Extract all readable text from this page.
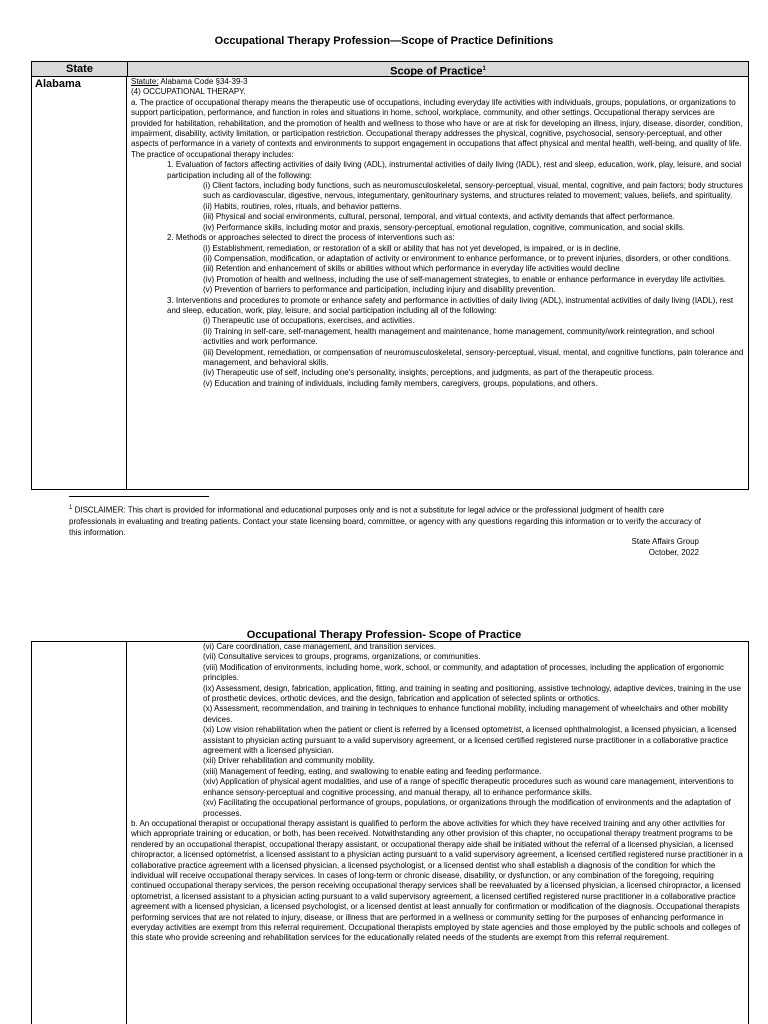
Occupational Therapy Profession—Scope of Practice Definitions
State	Scope of Practice$^1$
Alabama	Statute: Alabama Code §34-39-3

(4) OCCUPATIONAL THERAPY.

a. The practice of occupational therapy means the therapeutic use of occupations, including everyday life activities with individuals, groups, populations, or organizations to support participation, performance, and function in roles and situations in home, school, workplace, community, and other settings. Occupational therapy services are provided for habilitation, rehabilitation, and the promotion of health and wellness to those who have or are at risk for developing an illness, injury, disease, disorder, condition, impairment, disability, activity limitation, or participation restriction. Occupational therapy addresses the physical, cognitive, psychosocial, sensory-perceptual, and other aspects of performance in a variety of contexts and environments to support engagement in occupations that affect physical and mental health, well-being, and quality of life. The practice of occupational therapy includes:

1. Evaluation of factors affecting activities of daily living (ADL), instrumental activities of daily living (IADL), rest and sleep, education, work, play, leisure, and social participation including all of the following:

(i) Client factors, including body functions, such as neuromusculoskeletal, sensory-perceptual, visual, mental, cognitive, and pain factors; body structures such as cardiovascular, digestive, nervous, integumentary, genitourinary systems, and structures related to movement; values, beliefs, and spirituality.

(ii) Habits, routines, roles, rituals, and behavior patterns.

(iii) Physical and social environments, cultural, personal, temporal, and virtual contexts, and activity demands that affect performance.

(iv) Performance skills, including motor and praxis, sensory-perceptual, emotional regulation, cognitive, communication, and social skills.

2. Methods or approaches selected to direct the process of interventions such as:

(i) Establishment, remediation, or restoration of a skill or ability that has not yet developed, is impaired, or is in decline.

(ii) Compensation, modification, or adaptation of activity or environment to enhance performance, or to prevent injuries, disorders, or other conditions.

(iii) Retention and enhancement of skills or abilities without which performance in everyday life activities would decline

(iv) Promotion of health and wellness, including the use of self-management strategies, to enable or enhance performance in everyday life activities.

(v) Prevention of barriers to performance and participation, including injury and disability prevention.

3. Interventions and procedures to promote or enhance safety and performance in activities of daily living (ADL), instrumental activities of daily living (IADL), rest and sleep, education, work, play, leisure, and social participation including all of the following:

(i) Therapeutic use of occupations, exercises, and activities.

(ii) Training in self-care, self-management, health management and maintenance, home management, community/work reintegration, and school activities and work performance.

(iii) Development, remediation, or compensation of neuromusculoskeletal, sensory-perceptual, visual, mental, and cognitive functions, pain tolerance and management, and behavioral skills.

(iv) Therapeutic use of self, including one's personality, insights, perceptions, and judgments, as part of the therapeutic process.

(v) Education and training of individuals, including family members, caregivers, groups, populations, and others.

$^1$ DISCLAIMER: This chart is provided for informational and educational purposes only and is not a substitute for legal advice or the professional judgment of health care professionals in evaluating and treating patients. Contact your state licensing board, committee, or agency with any questions regarding this information or to verify the accuracy of this information.
State Affairs Group
October, 2022
Occupational Therapy Profession- Scope of Practice

(vi) Care coordination, case management, and transition services.

(vii) Consultative services to groups, programs, organizations, or communities.

(viii) Modification of environments, including home, work, school, or community, and adaptation of processes, including the application of ergonomic principles.

(ix) Assessment, design, fabrication, application, fitting, and training in seating and positioning, assistive technology, adaptive devices, training in the use of prosthetic devices, orthotic devices, and the design, fabrication and application of selected splints or orthotics.

(x) Assessment, recommendation, and training in techniques to enhance functional mobility, including management of wheelchairs and other mobility devices.

(xi) Low vision rehabilitation when the patient or client is referred by a licensed optometrist, a licensed ophthalmologist, a licensed physician, a licensed assistant to physician acting pursuant to a valid supervisory agreement, or a licensed certified registered nurse practitioner in a collaborative practice agreement with a licensed physician.

(xii) Driver rehabilitation and community mobility.

(xiii) Management of feeding, eating, and swallowing to enable eating and feeding performance.

(xiv) Application of physical agent modalities, and use of a range of specific therapeutic procedures such as wound care management, interventions to enhance sensory-perceptual and cognitive processing, and manual therapy, all to enhance performance skills.

(xv) Facilitating the occupational performance of groups, populations, or organizations through the modification of environments and the adaptation of processes.

b. An occupational therapist or occupational therapy assistant is qualified to perform the above activities for which they have received training and any other activities for which appropriate training or education, or both, has been received. Notwithstanding any other provision of this chapter, no occupational therapy treatment programs to be rendered by an occupational therapist, occupational therapy assistant, or occupational therapy aide shall be initiated without the referral of a licensed physician, a licensed chiropractor, a licensed optometrist, a licensed assistant to a physician acting pursuant to a valid supervisory agreement, a licensed certified registered nurse practitioner in a collaborative practice agreement with a licensed physician, a licensed psychologist, or a licensed dentist who shall establish a diagnosis of the condition for which the individual will receive occupational therapy services. In cases of long-term or chronic disease, disability, or dysfunction, or any combination of the foregoing, requiring continued occupational therapy services, the person receiving occupational therapy services shall be reevaluated by a licensed physician, a licensed chiropractor, a licensed optometrist, a licensed assistant to a physician acting pursuant to a valid supervisory agreement, a licensed certified registered nurse practitioner in a collaborative practice agreement with a licensed physician, a licensed psychologist, or a licensed dentist at least annually for confirmation or modification of the diagnosis. Occupational therapists performing services that are not related to injury, disease, or illness that are performed in a wellness or community setting for the purposes of enhancing performance in everyday activities are exempt from this referral requirement. Occupational therapists employed by state agencies and those employed by the public schools and colleges of this state who provide screening and rehabilitation services for the educationally related needs of the students are exempt from this referral requirement.
